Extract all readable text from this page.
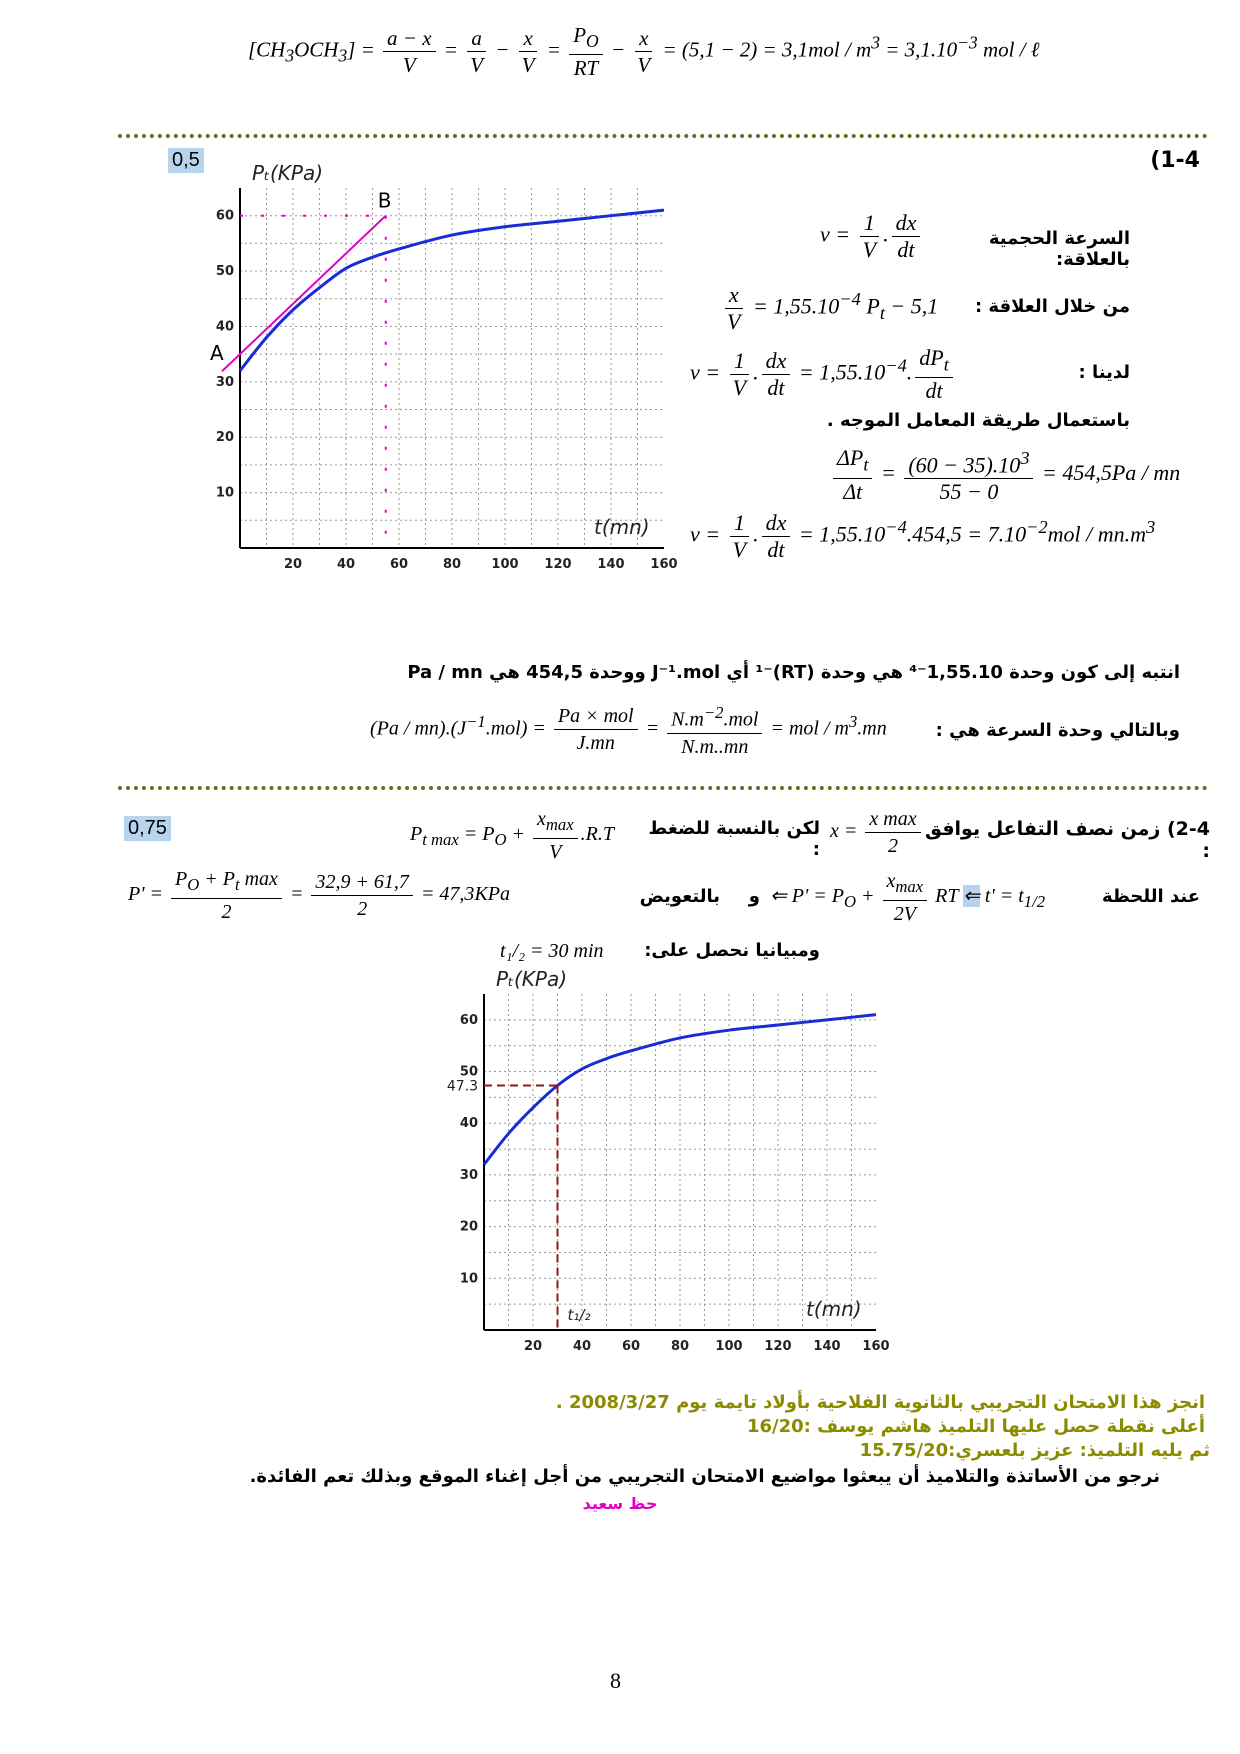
$[CH_3OCH_3] = \frac{a - x}{V} = \frac{a}{V} - \frac{x}{V} = \frac{P_O}{RT} - \frac{x}{V} = (5,1 - 2) = 3,1mol / m^3 = 3,1.10^{-3}$ mol / ℓ
0,5	(1-4
20	40	60	80 100 120 140 160
10
20
30
40
50
60
Pₜ(KPa)
t(mn)
A
B
$v = \frac{1}{V}$ . $\frac{dx}{dt}$	السرعة الحجمية بالعلاقة:
$\frac{x}{V} = 1,55.10^{-4}$ $P_t - 5,1$	من خلال العلاقة :
$v = \frac{1}{V}$ . $\frac{dx}{dt} = 1,55.10^{-4}$. $\frac{dP_t}{dt}$	لدينا :
باستعمال طريقة المعامل الموجه .
$\frac{\Delta P_t}{\Delta t} = \frac{(60 - 35).10^3}{55 - 0} = 454,5Pa$ / mn
$v = \frac{1}{V}$ . $\frac{dx}{dt} = 1,55.10^{-4}.454,5 = 7.10^{-2}mol / mn.m^3$
انتبه إلى كون وحدة 1,55.10⁻⁴ هي وحدة (RT)⁻¹ أي J⁻¹.mol ووحدة 454,5 هي Pa / mn
وبالتالي وحدة السرعة هي :
$(Pa / mn).(J^{-1}.mol) = \frac{\text{Pa × mol}}{J.mn} = \frac{N.m^{-2}.mol}{N.m..mn}$ = mol / $m^3.mn$
0,75	$P_{t max} = P_O + \frac{x_{max}}{V} .R.T$	لكن بالنسبة للضغط :
$x = \frac{\text{x max}}{2} 2-4$) زمن نصف التفاعل يوافق :
$P' = \frac{P_O + P_t \max}{2} = \frac{32,9 + 61,7}{2} = 47,3KPa$	بالتعويض	و ⇐ $P' = P_O + \frac{x_{max}}{2V}$ RT ⇐ $t' = t_{1/2}$	عند اللحظة
t₁/₂ = 30 min	ومبيانيا نحصل على:
20 40 60 80 100 120 140 160
10
20
30
40
50
60
Pₜ(KPa)
t(mn)
47.3
t₁/₂
انجز هذا الامتحان التجريبي بالثانوية الفلاحية بأولاد تايمة يوم 2008/3/27 .
أعلى نقطة حصل عليها التلميذ هاشم يوسف :16/20
ثم يليه التلميذ: عزيز بلعسري:15.75/20
نرجو من الأساتذة والتلاميذ أن يبعثوا مواضيع الامتحان التجريبي من أجل إغناء الموقع وبذلك تعم الفائدة.
حظ سعيد
8
